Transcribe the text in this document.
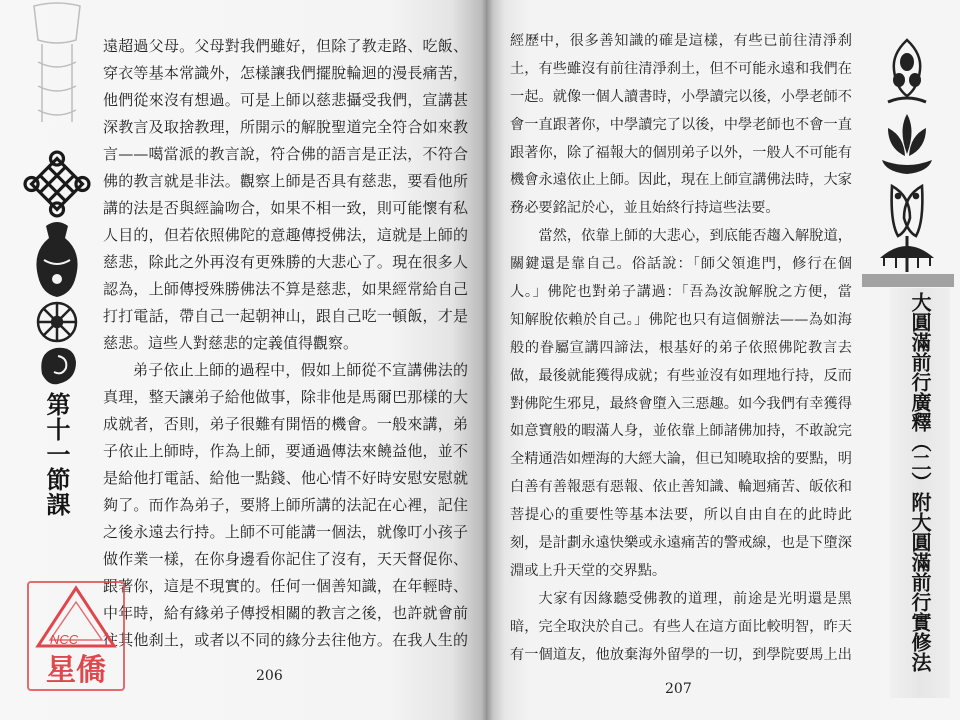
第十一節課
遠超過父母。父母對我們雖好，但除了教走路、吃飯、
穿衣等基本常識外，怎樣讓我們擺脫輪迴的漫長痛苦，
他們從來沒有想過。可是上師以慈悲攝受我們，宣講甚
深教言及取捨教理，所開示的解脫聖道完全符合如來教
言——噶當派的教言說，符合佛的語言是正法，不符合
佛的教言就是非法。觀察上師是否具有慈悲，要看他所
講的法是否與經論吻合，如果不相一致，則可能懷有私
人目的，但若依照佛陀的意趣傳授佛法，這就是上師的
慈悲，除此之外再沒有更殊勝的大悲心了。現在很多人
認為，上師傳授殊勝佛法不算是慈悲，如果經常給自己
打打電話，帶自己一起朝神山，跟自己吃一頓飯，才是
慈悲。這些人對慈悲的定義值得觀察。
弟子依止上師的過程中，假如上師從不宣講佛法的
真理，整天讓弟子給他做事，除非他是馬爾巴那樣的大
成就者，否則，弟子很難有開悟的機會。一般來講，弟
子依止上師時，作為上師，要通過傳法來饒益他，並不
是給他打電話、給他一點錢、他心情不好時安慰安慰就
夠了。而作為弟子，要將上師所講的法記在心裡，記住
之後永遠去行持。上師不可能講一個法，就像叮小孩子
做作業一樣，在你身邊看你記住了沒有，天天督促你、
跟著你，這是不現實的。任何一個善知識，在年輕時、
中年時，給有緣弟子傳授相關的教言之後，也許就會前
往其他刹土，或者以不同的緣分去往他方。在我人生的
206
經歷中，很多善知識的確是這樣，有些已前往清淨刹
土，有些雖沒有前往清淨刹土，但不可能永遠和我們在
一起。就像一個人讀書時，小學讀完以後，小學老師不
會一直跟著你，中學讀完了以後，中學老師也不會一直
跟著你，除了福報大的個別弟子以外，一般人不可能有
機會永遠依止上師。因此，現在上師宣講佛法時，大家
務必要銘記於心，並且始終行持這些法要。
當然，依靠上師的大悲心，到底能否趨入解脫道，
關鍵還是靠自己。俗話說：「師父領進門，修行在個
人。」佛陀也對弟子講過：「吾為汝說解脫之方便，當
知解脫依賴於自己。」佛陀也只有這個辦法——為如海
般的眷屬宣講四諦法，根基好的弟子依照佛陀教言去
做，最後就能獲得成就；有些並沒有如理地行持，反而
對佛陀生邪見，最終會墮入三惡趣。如今我們有幸獲得
如意寶般的暇滿人身，並依靠上師諸佛加持，不敢說完
全精通浩如煙海的大經大論，但已知曉取捨的要點，明
白善有善報惡有惡報、依止善知識、輪迴痛苦、皈依和
菩提心的重要性等基本法要，所以自由自在的此時此
刻，是計劃永遠快樂或永遠痛苦的警戒線，也是下墮深
淵或上升天堂的交界點。
大家有因緣聽受佛教的道理，前途是光明還是黑
暗，完全取決於自己。有些人在這方面比較明智，昨天
有一個道友，他放棄海外留學的一切，到學院要馬上出	大圓滿前行廣釋（二）附大圓滿前行實修法
207
NCC
星僑
